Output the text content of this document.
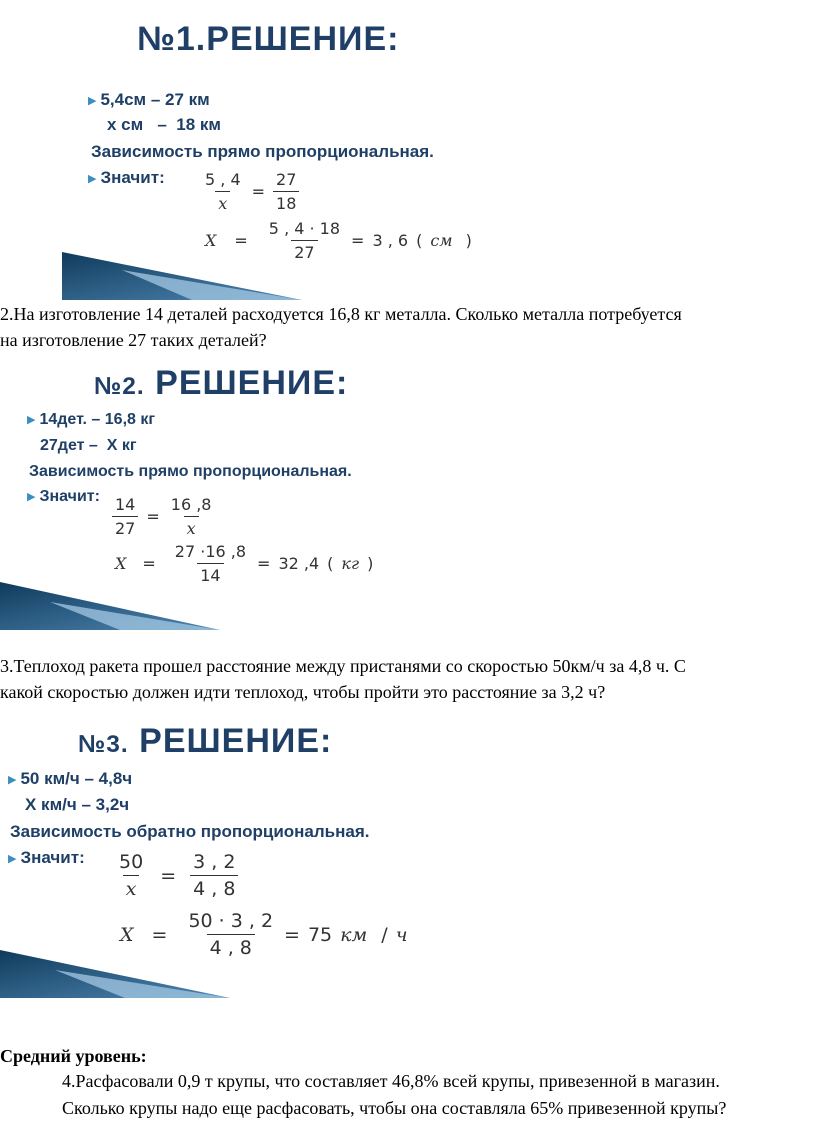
№1.РЕШЕНИЕ:
▶ 5,4см – 27 км
х см   –  18 км
Зависимость прямо пропорциональная.
▶ Значит: $\frac{5 , 4}{x} = \frac{27}{18}$
$X = \frac{5 , 4 \cdot 18}{27} = 3$ , 6 ( см )
2.На изготовление 14 деталей расходуется 16,8 кг металла. Сколько металла потребуется
на изготовление 27 таких деталей?
№2. РЕШЕНИЕ:
▶ 14дет. – 16,8 кг
27дет –  Х кг
Зависимость прямо пропорциональная.
▶ Значит: $\frac{14}{27} = \frac{16 ,8}{x}$
$X = \frac{27 \cdot 16 ,8}{14} = 32$ ,4 ( кг )
3.Теплоход ракета прошел расстояние между пристанями со скоростью 50км/ч за 4,8 ч. С
какой скоростью должен идти теплоход, чтобы пройти это расстояние за 3,2 ч?
№3. РЕШЕНИЕ:
▶ 50 км/ч – 4,8ч
Х км/ч – 3,2ч
Зависимость обратно пропорциональная.
▶ Значит: $\frac{50}{x} = \frac{3 , 2}{4 , 8}$
$X = \frac{50 \cdot 3 , 2}{4 , 8} = 75$ км / ч
Средний уровень:
4.Расфасовали 0,9 т крупы, что составляет 46,8% всей крупы, привезенной в магазин.
Сколько крупы надо еще расфасовать, чтобы она составляла 65% привезенной крупы?
